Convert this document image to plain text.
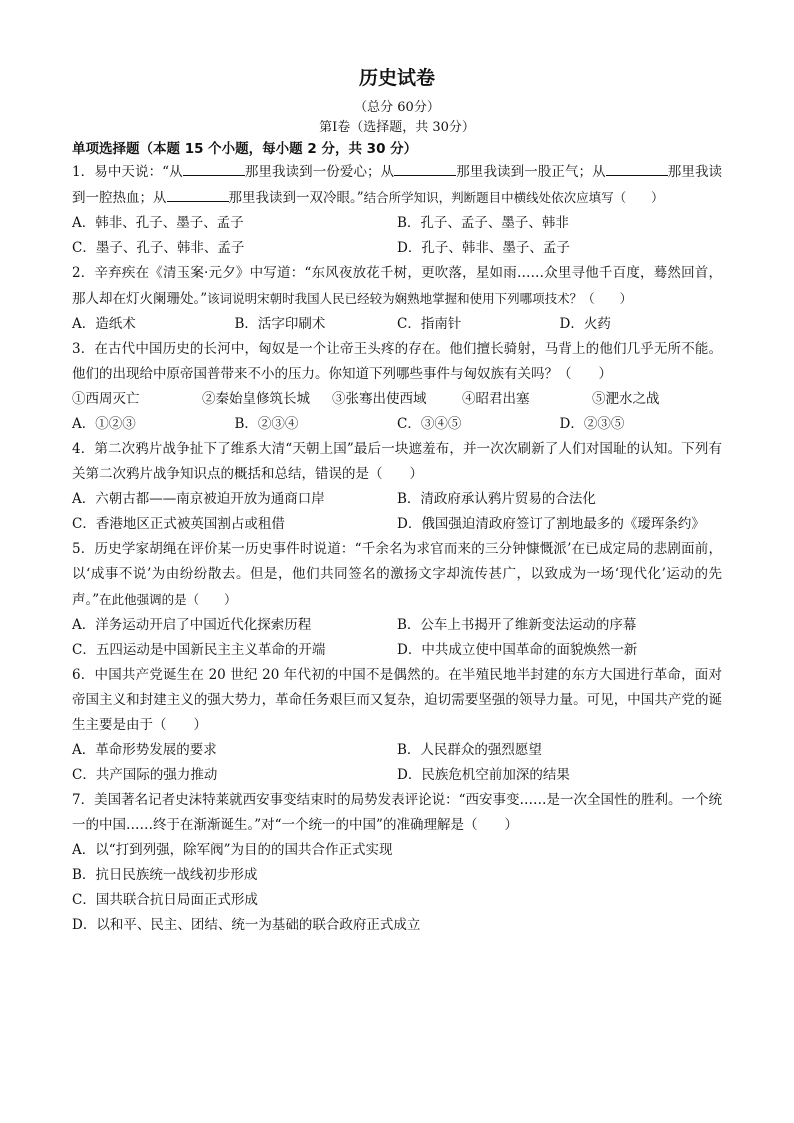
历史试卷
（总分 60分）
第Ⅰ卷（选择题，共 30分）
单项选择题（本题 15 个小题，每小题 2 分，共 30 分）
1．易中天说：“从	那里我读到一份爱心；从	那里我读到一股正气；从	那里我读到一腔热血；从	那里我读到一双冷眼。”结合所学知识，判断题目中横线处依次应填写（　　）
A．韩非、孔子、墨子、孟子	B．孔子、孟子、墨子、韩非
C．墨子、孔子、韩非、孟子	D．孔子、韩非、墨子、孟子
2．辛弃疾在《清玉案·元夕》中写道：“东风夜放花千树，更吹落，星如雨……众里寻他千百度，蓦然回首，那人却在灯火阑珊处。”该词说明宋朝时我国人民已经较为娴熟地掌握和使用下列哪项技术？（　　）
A．造纸术	B．活字印刷术	C．指南针	D．火药
3．在古代中国历史的长河中，匈奴是一个让帝王头疼的存在。他们擅长骑射，马背上的他们几乎无所不能。他们的出现给中原帝国普带来不小的压力。你知道下列哪些事件与匈奴族有关吗？（　　）
①西周灭亡	②秦始皇修筑长城	③张骞出使西域	④昭君出塞	⑤淝水之战
A．①②③	B．②③④	C．③④⑤	D．②③⑤
4．第二次鸦片战争扯下了维系大清“天朝上国”最后一块遮羞布，并一次次刷新了人们对国耻的认知。下列有关第二次鸦片战争知识点的概括和总结，错误的是（　　）
A．六朝古都——南京被迫开放为通商口岸	B．清政府承认鸦片贸易的合法化
C．香港地区正式被英国割占或租借	D．俄国强迫清政府签订了割地最多的《瑷珲条约》
5．历史学家胡绳在评价某一历史事件时说道：“千余名为求官而来的三分钟慷慨派’在已成定局的悲剧面前，以‘成事不说’为由纷纷散去。但是，他们共同签名的激扬文字却流传甚广，以致成为一场‘现代化’运动的先声。”在此他强调的是（　　）
A．洋务运动开启了中国近代化探索历程	B．公车上书揭开了维新变法运动的序幕
C．五四运动是中国新民主主义革命的开端	D．中共成立使中国革命的面貌焕然一新
6．中国共产党诞生在 20 世纪 20 年代初的中国不是偶然的。在半殖民地半封建的东方大国进行革命，面对帝国主义和封建主义的强大势力，革命任务艰巨而又复杂，迫切需要坚强的领导力量。可见，中国共产党的诞生主要是由于（　　）
A．革命形势发展的要求	B．人民群众的强烈愿望
C．共产国际的强力推动	D．民族危机空前加深的结果
7．美国著名记者史沫特莱就西安事变结束时的局势发表评论说：“西安事变……是一次全国性的胜利。一个统一的中国……终于在渐渐诞生。”对“一个统一的中国”的准确理解是（　　）
A．以“打到列强，除军阀”为目的的国共合作正式实现
B．抗日民族统一战线初步形成
C．国共联合抗日局面正式形成
D．以和平、民主、团结、统一为基础的联合政府正式成立
